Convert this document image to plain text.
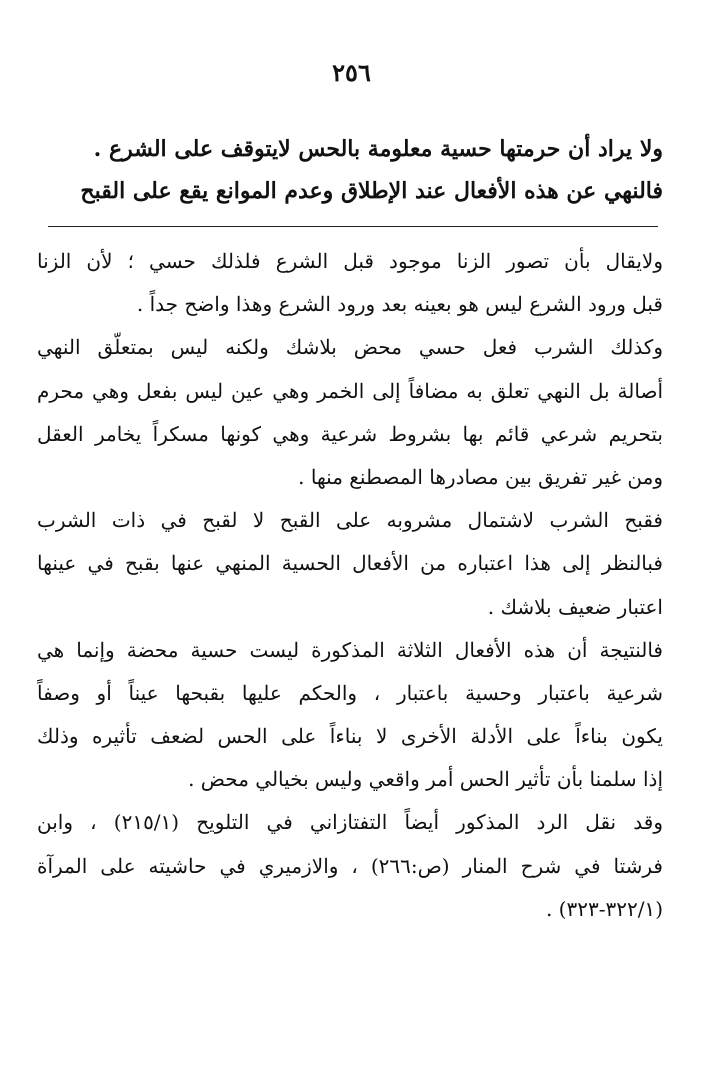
٢٥٦
ولا يراد أن حرمتها حسية معلومة بالحس لايتوقف على الشرع .
فالنهي عن هذه الأفعال عند الإطلاق وعدم الموانع يقع على القبح
ولايقال بأن تصور الزنا موجود قبل الشرع فلذلك حسي ؛ لأن الزنا
قبل ورود الشرع ليس هو بعينه بعد ورود الشرع وهذا واضح جداً .
وكذلك الشرب فعل حسي محض بلاشك ولكنه ليس بمتعلّق النهي
أصالة بل النهي تعلق به مضافاً إلى الخمر وهي عين ليس بفعل وهي محرم
بتحريم شرعي قائم بها بشروط شرعية وهي كونها مسكراً يخامر العقل
ومن غير تفريق بين مصادرها المصطنع منها .
فقبح الشرب لاشتمال مشروبه على القبح لا لقبح في ذات الشرب
فبالنظر إلى هذا اعتباره من الأفعال الحسية المنهي عنها بقبح في عينها
اعتبار ضعيف بلاشك .
فالنتيجة أن هذه الأفعال الثلاثة المذكورة ليست حسية محضة وإنما هي
شرعية باعتبار وحسية باعتبار ، والحكم عليها بقبحها عيناً أو وصفاً
يكون بناءاً على الأدلة الأخرى لا بناءاً على الحس لضعف تأثيره وذلك
إذا سلمنا بأن تأثير الحس أمر واقعي وليس بخيالي محض .
وقد نقل الرد المذكور أيضاً التفتازاني في التلويح (٢١٥/١) ، وابن
فرشتا في شرح المنار (ص:٢٦٦) ، والازميري في حاشيته على المرآة
(٣٢٢/١-٣٢٣) .
